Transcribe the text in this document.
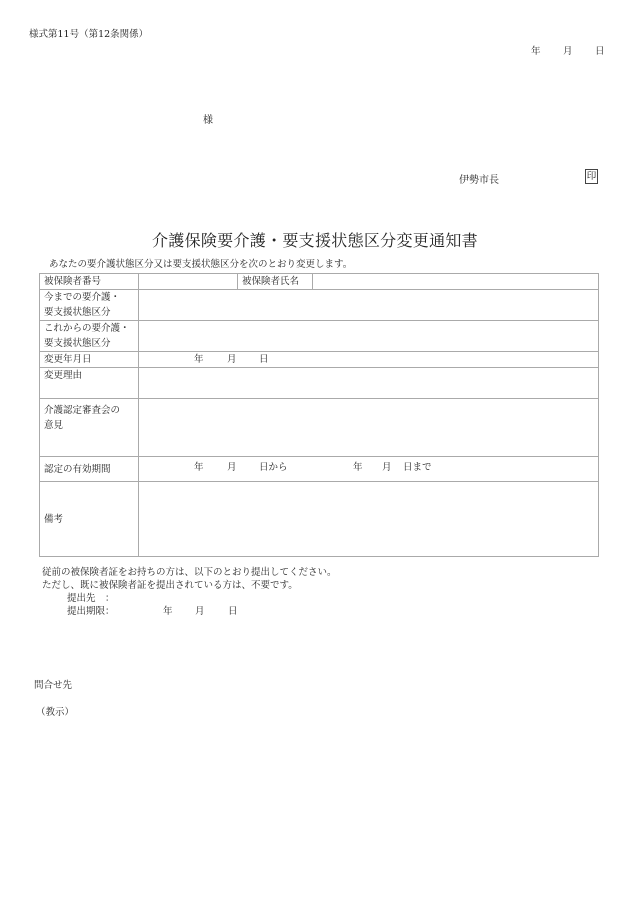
様式第11号（第12条関係）
年 月 日
様
伊勢市長	印
介護保険要介護・要支援状態区分変更通知書
あなたの要介護状態区分又は要支援状態区分を次のとおり変更します。
被保険者番号		被保険者氏名	

今までの要介護・
要支援状態区分			

これからの要介護・
要支援状態区分			

変更年月日	年 月 日		

変更理由			

介護認定審査会の
意見			

認定の有効期間	年 月 日から	年 月 日まで

備考			
従前の被保険者証をお持ちの方は、以下のとおり提出してください。
ただし、既に被保険者証を提出されている方は、不要です。
提出先　：
提出期限：	年 月 日
問合せ先
（教示）
